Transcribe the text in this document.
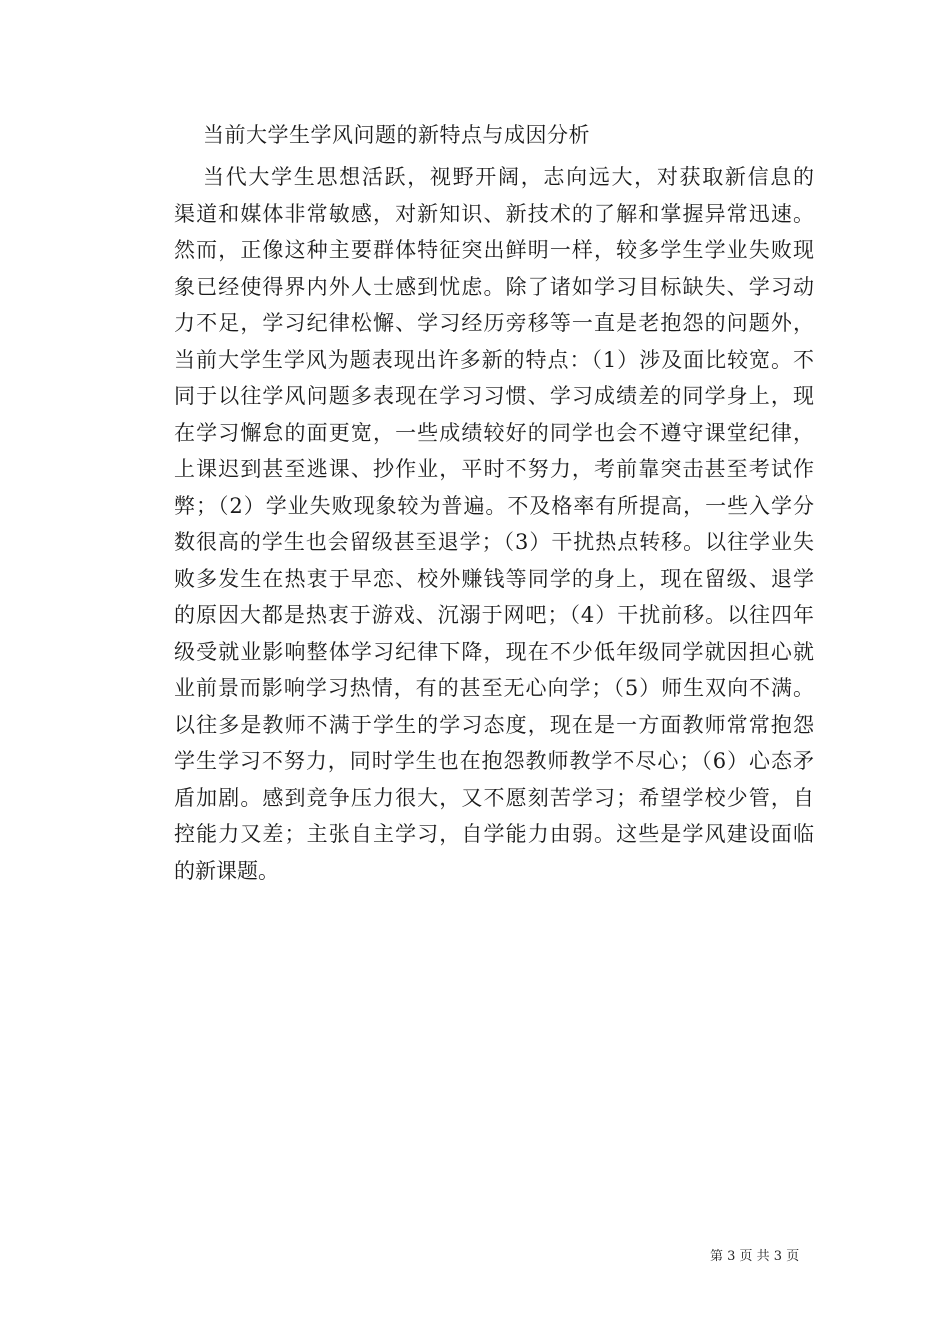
当前大学生学风问题的新特点与成因分析
当代大学生思想活跃，视野开阔，志向远大，对获取新信息的
渠道和媒体非常敏感，对新知识、新技术的了解和掌握异常迅速。
然而，正像这种主要群体特征突出鲜明一样，较多学生学业失败现
象已经使得界内外人士感到忧虑。除了诸如学习目标缺失、学习动
力不足，学习纪律松懈、学习经历旁移等一直是老抱怨的问题外，
当前大学生学风为题表现出许多新的特点：（1）涉及面比较宽。不
同于以往学风问题多表现在学习习惯、学习成绩差的同学身上，现
在学习懈怠的面更宽，一些成绩较好的同学也会不遵守课堂纪律，
上课迟到甚至逃课、抄作业，平时不努力，考前靠突击甚至考试作
弊；（2）学业失败现象较为普遍。不及格率有所提高，一些入学分
数很高的学生也会留级甚至退学；（3）干扰热点转移。以往学业失
败多发生在热衷于早恋、校外赚钱等同学的身上，现在留级、退学
的原因大都是热衷于游戏、沉溺于网吧；（4）干扰前移。以往四年
级受就业影响整体学习纪律下降，现在不少低年级同学就因担心就
业前景而影响学习热情，有的甚至无心向学；（5）师生双向不满。
以往多是教师不满于学生的学习态度，现在是一方面教师常常抱怨
学生学习不努力，同时学生也在抱怨教师教学不尽心；（6）心态矛
盾加剧。感到竞争压力很大，又不愿刻苦学习；希望学校少管，自
控能力又差；主张自主学习，自学能力由弱。这些是学风建设面临
的新课题。
第 3 页 共 3 页
